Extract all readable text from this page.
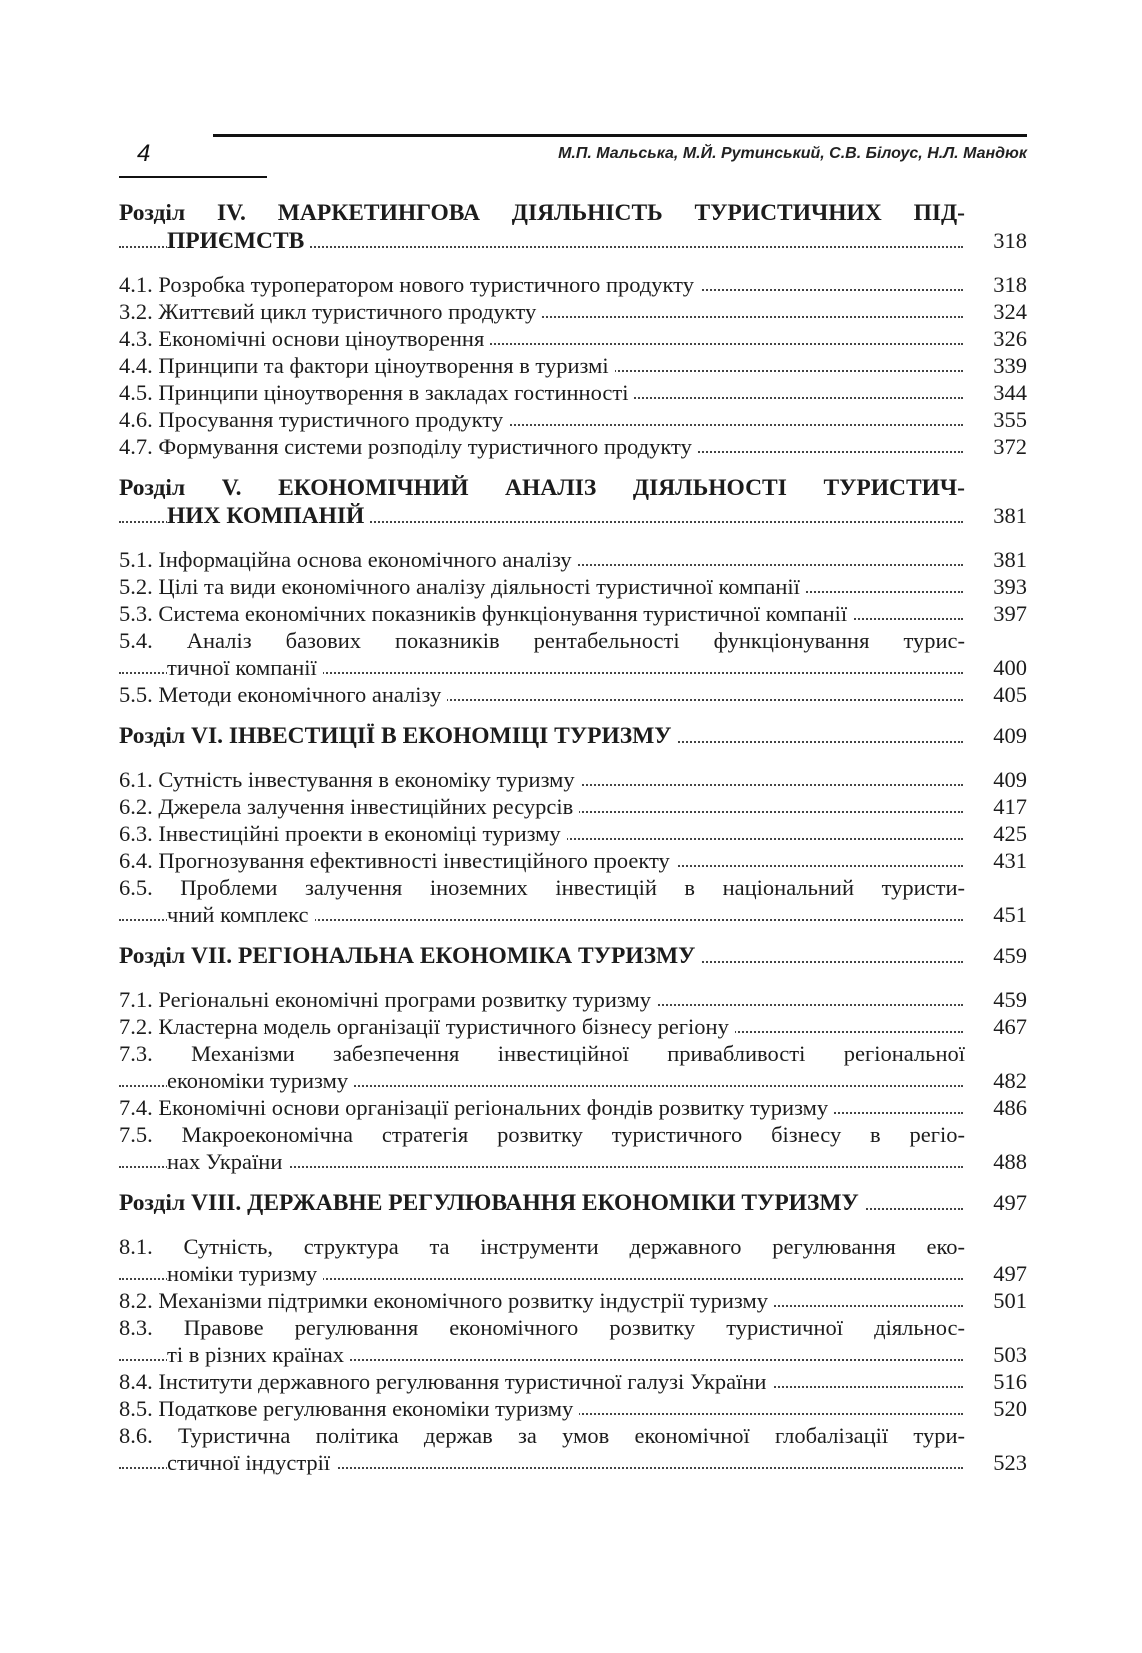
4	М.П. Мальська, М.Й. Рутинський, С.В. Білоус, Н.Л. Мандюк
Розділ IV. МАРКЕТИНГОВА ДІЯЛЬНІСТЬ ТУРИСТИЧНИХ ПІД-
ПРИЄМСТВ	318
4.1. Розробка туроператором нового туристичного продукту	318
3.2. Життєвий цикл туристичного продукту	324
4.3. Економічні основи ціноутворення	326
4.4. Принципи та фактори ціноутворення в туризмі	339
4.5. Принципи ціноутворення в закладах гостинності	344
4.6. Просування туристичного продукту	355
4.7. Формування системи розподілу туристичного продукту	372
Розділ V. ЕКОНОМІЧНИЙ АНАЛІЗ ДІЯЛЬНОСТІ ТУРИСТИЧ-
НИХ КОМПАНІЙ	381
5.1. Інформаційна основа економічного аналізу	381
5.2. Цілі та види економічного аналізу діяльності туристичної компанії	393
5.3. Система економічних показників функціонування туристичної компанії	397
5.4. Аналіз базових показників рентабельності функціонування турис-
тичної компанії	400
5.5. Методи економічного аналізу	405
Розділ VI. ІНВЕСТИЦІЇ В ЕКОНОМІЦІ ТУРИЗМУ	409
6.1. Сутність інвестування в економіку туризму	409
6.2. Джерела залучення інвестиційних ресурсів	417
6.3. Інвестиційні проекти в економіці туризму	425
6.4. Прогнозування ефективності інвестиційного проекту	431
6.5. Проблеми залучення іноземних інвестицій в національний туристи-
чний комплекс	451
Розділ VII. РЕГІОНАЛЬНА ЕКОНОМІКА ТУРИЗМУ	459
7.1. Регіональні економічні програми розвитку туризму	459
7.2. Кластерна модель організації туристичного бізнесу регіону	467
7.3. Механізми забезпечення інвестиційної привабливості регіональної
економіки туризму	482
7.4. Економічні основи організації регіональних фондів розвитку туризму	486
7.5. Макроекономічна стратегія розвитку туристичного бізнесу в регіо-
нах України	488
Розділ VIII. ДЕРЖАВНЕ РЕГУЛЮВАННЯ ЕКОНОМІКИ ТУРИЗМУ	497
8.1. Сутність, структура та інструменти державного регулювання еко-
номіки туризму	497
8.2. Механізми підтримки економічного розвитку індустрії туризму	501
8.3. Правове регулювання економічного розвитку туристичної діяльнос-
ті в різних країнах	503
8.4. Інститути державного регулювання туристичної галузі України	516
8.5. Податкове регулювання економіки туризму	520
8.6. Туристична політика держав за умов економічної глобалізації тури-
стичної індустрії	523
